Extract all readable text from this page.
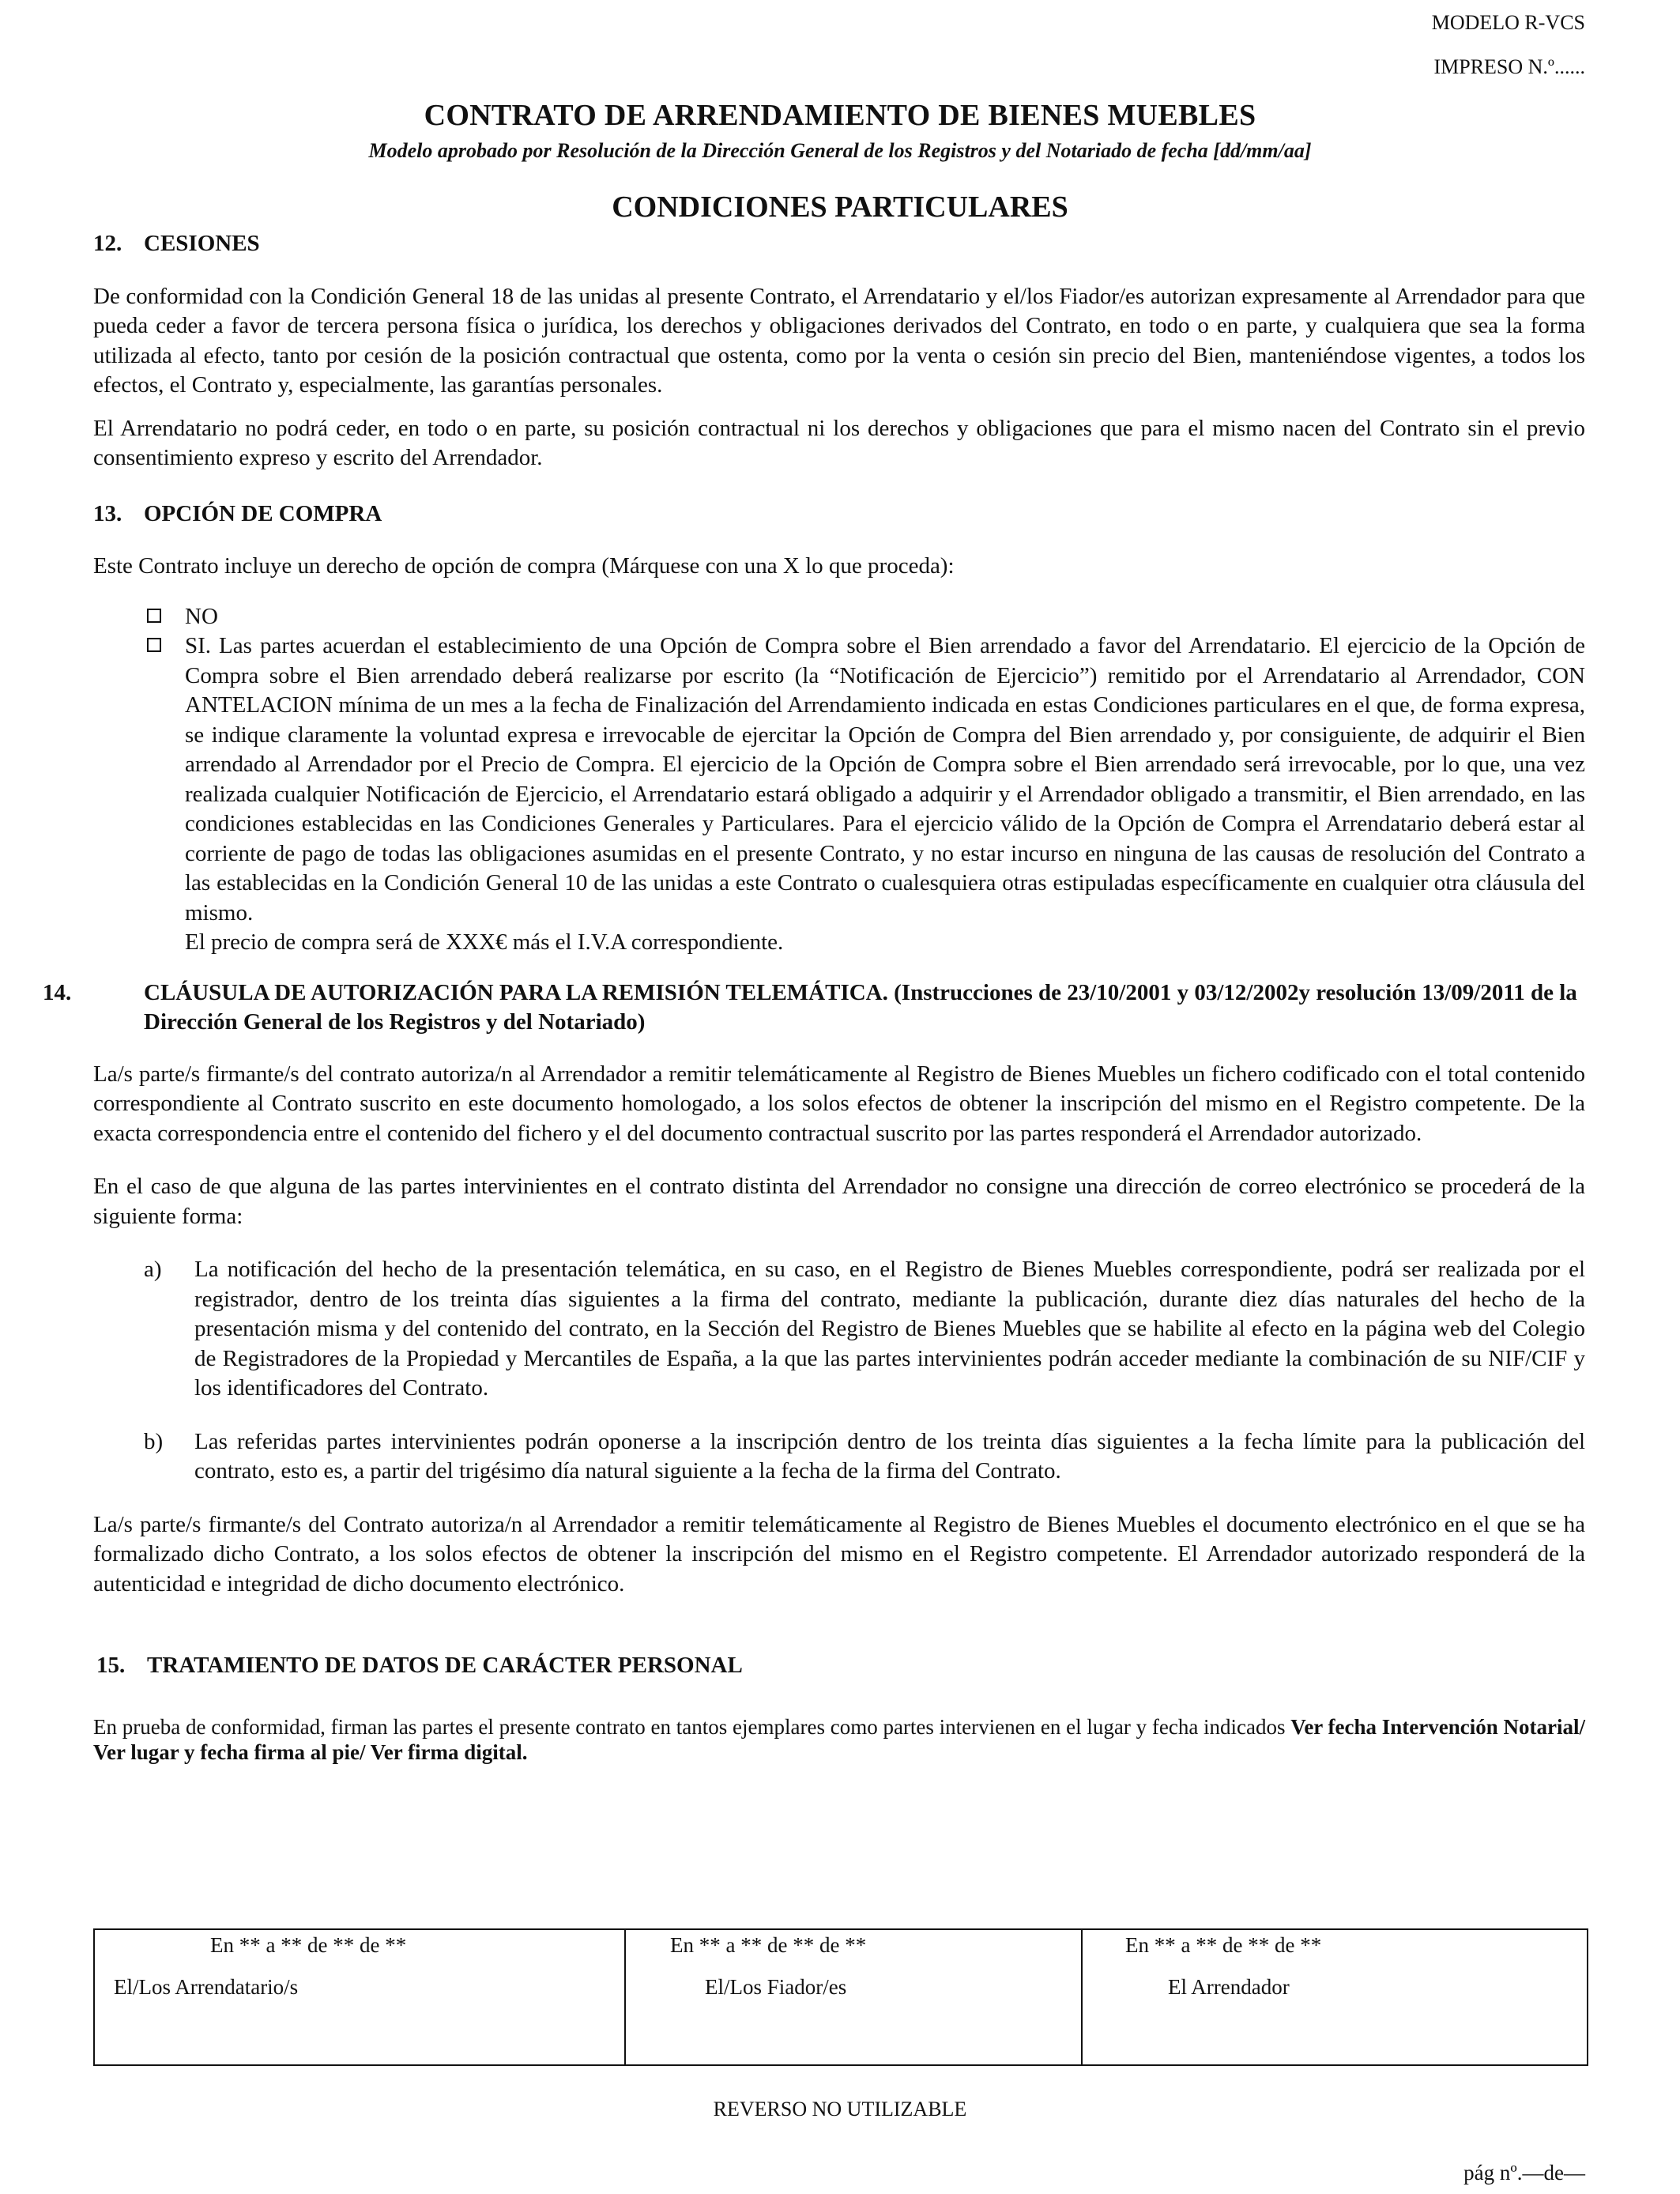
MODELO R-VCS
IMPRESO N.º......
CONTRATO DE ARRENDAMIENTO DE BIENES MUEBLES
Modelo aprobado por Resolución de la Dirección General de los Registros y del Notariado de fecha [dd/mm/aa]
CONDICIONES PARTICULARES
12. CESIONES

De conformidad con la Condición General 18 de las unidas al presente Contrato, el Arrendatario y el/los Fiador/es autorizan expresamente al Arrendador para que pueda ceder a favor de tercera persona física o jurídica, los derechos y obligaciones derivados del Contrato, en todo o en parte, y cualquiera que sea la forma utilizada al efecto, tanto por cesión de la posición contractual que ostenta, como por la venta o cesión sin precio del Bien, manteniéndose vigentes, a todos los efectos, el Contrato y, especialmente, las garantías personales.

El Arrendatario no podrá ceder, en todo o en parte, su posición contractual ni los derechos y obligaciones que para el mismo nacen del Contrato sin el previo consentimiento expreso y escrito del Arrendador.

13. OPCIÓN DE COMPRA

Este Contrato incluye un derecho de opción de compra (Márquese con una X lo que proceda):

NO
SI. Las partes acuerdan el establecimiento de una Opción de Compra sobre el Bien arrendado a favor del Arrendatario. El ejercicio de la Opción de Compra sobre el Bien arrendado deberá realizarse por escrito (la “Notificación de Ejercicio”) remitido por el Arrendatario al Arrendador, CON ANTELACION mínima de un mes a la fecha de Finalización del Arrendamiento indicada en estas Condiciones particulares en el que, de forma expresa, se indique claramente la voluntad expresa e irrevocable de ejercitar la Opción de Compra del Bien arrendado y, por consiguiente, de adquirir el Bien arrendado al Arrendador por el Precio de Compra. El ejercicio de la Opción de Compra sobre el Bien arrendado será irrevocable, por lo que, una vez realizada cualquier Notificación de Ejercicio, el Arrendatario estará obligado a adquirir y el Arrendador obligado a transmitir, el Bien arrendado, en las condiciones establecidas en las Condiciones Generales y Particulares. Para el ejercicio válido de la Opción de Compra el Arrendatario deberá estar al corriente de pago de todas las obligaciones asumidas en el presente Contrato, y no estar incurso en ninguna de las causas de resolución del Contrato a las establecidas en la Condición General 10 de las unidas a este Contrato o cualesquiera otras estipuladas específicamente en cualquier otra cláusula del mismo.
El precio de compra será de XXX€ más el I.V.A correspondiente.
14.	CLÁUSULA DE AUTORIZACIÓN PARA LA REMISIÓN TELEMÁTICA. (Instrucciones de 23/10/2001 y 03/12/2002y resolución 13/09/2011 de la Dirección General de los Registros y del Notariado)

La/s parte/s firmante/s del contrato autoriza/n al Arrendador a remitir telemáticamente al Registro de Bienes Muebles un fichero codificado con el total contenido correspondiente al Contrato suscrito en este documento homologado, a los solos efectos de obtener la inscripción del mismo en el Registro competente. De la exacta correspondencia entre el contenido del fichero y el del documento contractual suscrito por las partes responderá el Arrendador autorizado.

En el caso de que alguna de las partes intervinientes en el contrato distinta del Arrendador no consigne una dirección de correo electrónico se procederá de la siguiente forma:

a)	La notificación del hecho de la presentación telemática, en su caso, en el Registro de Bienes Muebles correspondiente, podrá ser realizada por el registrador, dentro de los treinta días siguientes a la firma del contrato, mediante la publicación, durante diez días naturales del hecho de la presentación misma y del contenido del contrato, en la Sección del Registro de Bienes Muebles que se habilite al efecto en la página web del Colegio de Registradores de la Propiedad y Mercantiles de España, a la que las partes intervinientes podrán acceder mediante la combinación de su NIF/CIF y los identificadores del Contrato.
b)	Las referidas partes intervinientes podrán oponerse a la inscripción dentro de los treinta días siguientes a la fecha límite para la publicación del contrato, esto es, a partir del trigésimo día natural siguiente a la fecha de la firma del Contrato.

La/s parte/s firmante/s del Contrato autoriza/n al Arrendador a remitir telemáticamente al Registro de Bienes Muebles el documento electrónico en el que se ha formalizado dicho Contrato, a los solos efectos de obtener la inscripción del mismo en el Registro competente. El Arrendador autorizado responderá de la autenticidad e integridad de dicho documento electrónico.

15. TRATAMIENTO DE DATOS DE CARÁCTER PERSONAL

En prueba de conformidad, firman las partes el presente contrato en tantos ejemplares como partes intervienen en el lugar y fecha indicados Ver fecha Intervención Notarial/ Ver lugar y fecha firma al pie/ Ver firma digital.

En ** a ** de ** de **
El/Los Arrendatario/s

En ** a ** de ** de **
El/Los Fiador/es

En ** a ** de ** de **
El Arrendador
REVERSO NO UTILIZABLE
pág nº.—de—
